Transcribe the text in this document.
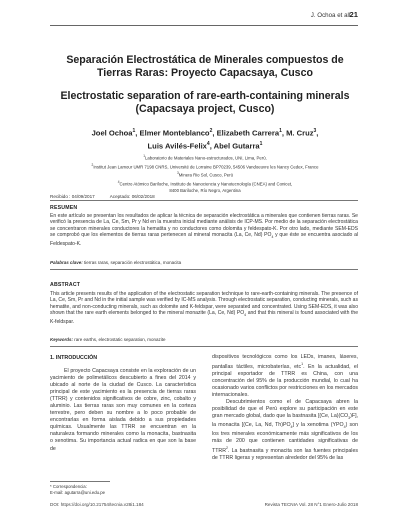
J. Ochoa et all.
21
Separación Electrostática de Minerales compuestos de
Tierras Raras: Proyecto Capacsaya, Cusco
Electrostatic separation of rare-earth-containing minerals
(Capacsaya project, Cusco)
Joel Ochoa$^1$, Elmer Monteblanco$^2$, Elizabeth Carrera$^1$, M. Cruz$^3$,
Luis Avilés-Felix$^4$, Abel Gutarra$^1$
$^1$Laboratorio de Materiales Nano-estructurados, UNI, Lima, Perú.
$^2$Institut Jean Lamour UMR 7198 CNRS, Université de Lorraine BP70239, 54506 Vandoeuvre les Nancy Cedex, France
$^3$Minera Rio Sol, Cusco, Perú
$^4$Centro Atómico Bariloche, Instituto de Nanociencia y Nanotecnología (CNEA) and Conicet,
8400 Bariloche, Río Negro, Argentina
Recibido : 04/09/2017	Aceptado: 06/02/2018
RESUMEN
En este artículo se presentan los resultados de aplicar la técnica de separación electrostática a minerales que contienen tierras raras. Se verificó la presencia de La, Ce, Sm, Pr y Nd en la muestra inicial mediante análisis de ICP-MS. Por medio de la separación electrostática se concentraron minerales conductores la hematita y no conductores como dolomita y feldespato-K. Por otro lado, mediante SEM-EDS se comprobó que los elementos de tierras raras pertenecen al mineral monacita (La, Ce, Nd) $PO_4$ y que éste se encuentra asociado al Feldespato-K.
Palabras clave: tierras raras, separación electrostática, monacita
ABSTRACT
This article presents results of the application of the electrostatic separation technique to rare-earth-containing minerals. The presence of La, Ce, Sm, Pr and Nd in the initial sample was verified by IC-MS analysis. Through electrostatic separation, conducting minerals, such as hematite, and non-conducting minerals, such as dolomite and K-feldspar, were separated and concentrated. Using SEM-EDS, it was also shown that the rare earth elements belonged to the mineral monazite (La, Ce, Nd) $PO_4$ and that this mineral is found associated with the K-feldspar.
Keywords: rare earths, electrostatic separation, monazite
1. INTRODUCCIÓN

El proyecto Capacsaya consiste en la exploración de un yacimiento de polimetálicos descubierto a fines del 2014 y ubicado al norte de la ciudad de Cusco. La característica principal de este yacimiento es la presencia de tierras raras (TTRR) y contenidos significativos de cobre, zinc, cobalto y aluminio. Las tierras raras son muy comunes en la corteza terrestre, pero deben su nombre a lo poco probable de encontrarlas en forma aislada debido a sus propiedades químicas. Usualmente las TTRR se encuentran en la naturaleza formando minerales como la monacita, bastnasita o xenotima. Su importancia actual radica en que son la base de

dispositivos tecnológicos como los LEDs, imanes, láseres, pantallas táctiles, microbaterías, etc$^1$. En la actualidad, el principal exportador de TTRR es China, con una concentración del 95% de la producción mundial, lo cual ha ocasionado varios conflictos por restricciones en los mercados internacionales.

Descubrimientos como el de Capacsaya abren la posibilidad de que el Perú explore su participación en este gran mercado global, dado que la bastnasita [(Ce, $La)(CO_3)F$], la monacita [(Ce, La, Nd, $Th)PO_4$] y la xenotima $(YPO_4)$ son los tres minerales económicamente más significativos de los más de 200 que contienen cantidades significativas de TTRR$^2$. La bastnasita y monacita son las fuentes principales de TTRR ligeras y representan alrededor del 95% de las

* Correspondencia:
E-mail: agutarra@uni.edu.pe
DOI: https://doi.org/10.21754/tecnia.v28i1.184	Revista TECNIA Vol. 28 N°1 Enero-Julio 2018
